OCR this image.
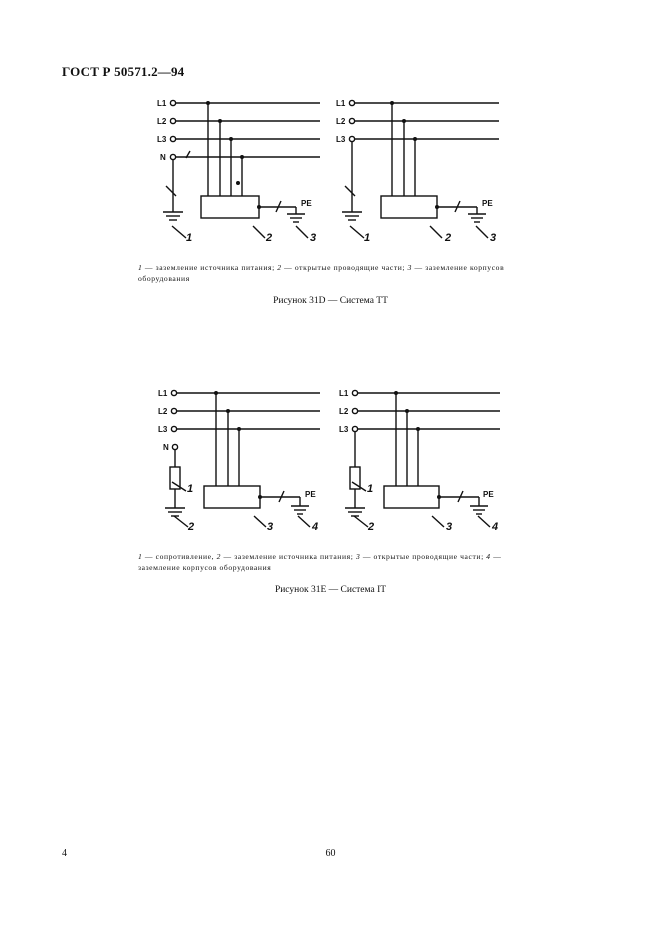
ГОСТ Р 50571.2—94
L1
L2
L3
N
PE
1	2	3
L1
L2
L3
PE
1	2	3
1 — заземление источника питания; 2 — открытые проводящие части; 3 — заземление корпусов оборудования
Рисунок 31D — Система ТТ
L1
L2
L3
N
PE
1
2	3	4
L1
L2
L3
PE
1
2	3	4
1 — сопротивление, 2 — заземление источника питания; 3 — открытые проводящие части; 4 — заземление корпусов оборудования
Рисунок 31Е — Система IT
4	60
